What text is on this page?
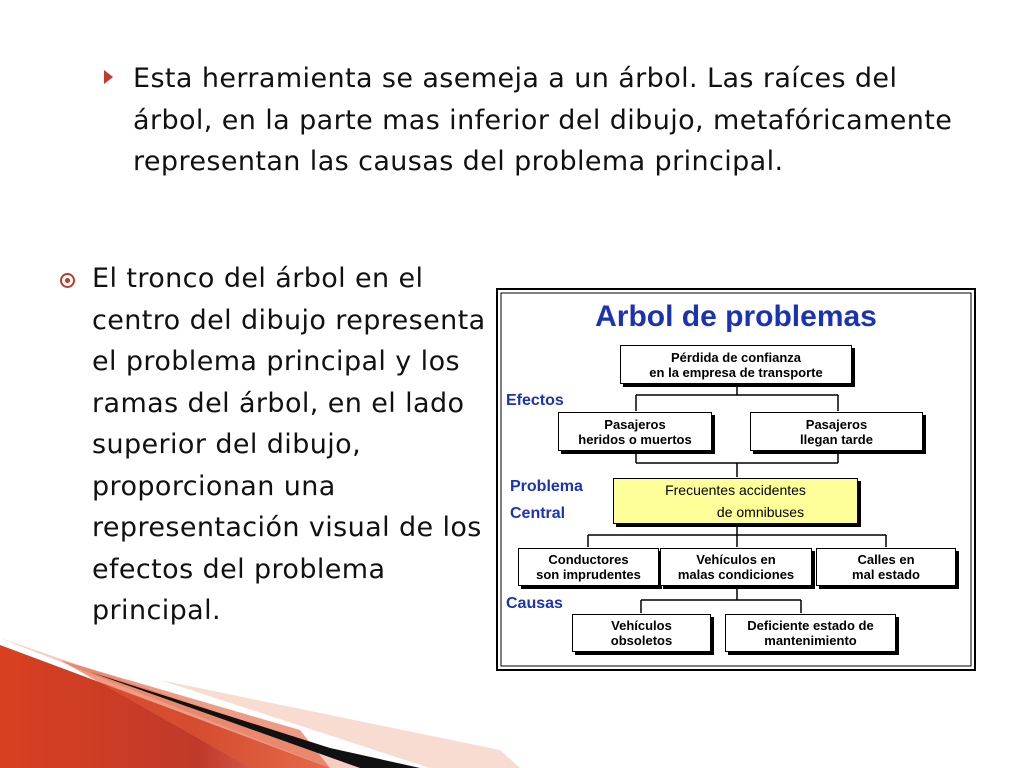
Esta herramienta se asemeja a un árbol. Las raíces del árbol, en la parte mas inferior del dibujo, metafóricamente representan las causas del problema principal.
El tronco del árbol en el centro del dibujo representa el problema principal y los ramas del árbol, en el lado superior del dibujo, proporcionan una representación visual de los efectos del problema principal.
Arbol de problemas
Efectos
Problema
Central
Causas
Pérdida de confianza
en la empresa de transporte
Pasajeros
heridos o muertos
Pasajeros
llegan tarde
Frecuentes accidentes
de omnibuses
Conductores
son imprudentes
Vehículos en
malas condiciones
Calles en
mal estado
Vehículos
obsoletos
Deficiente estado de
mantenimiento
